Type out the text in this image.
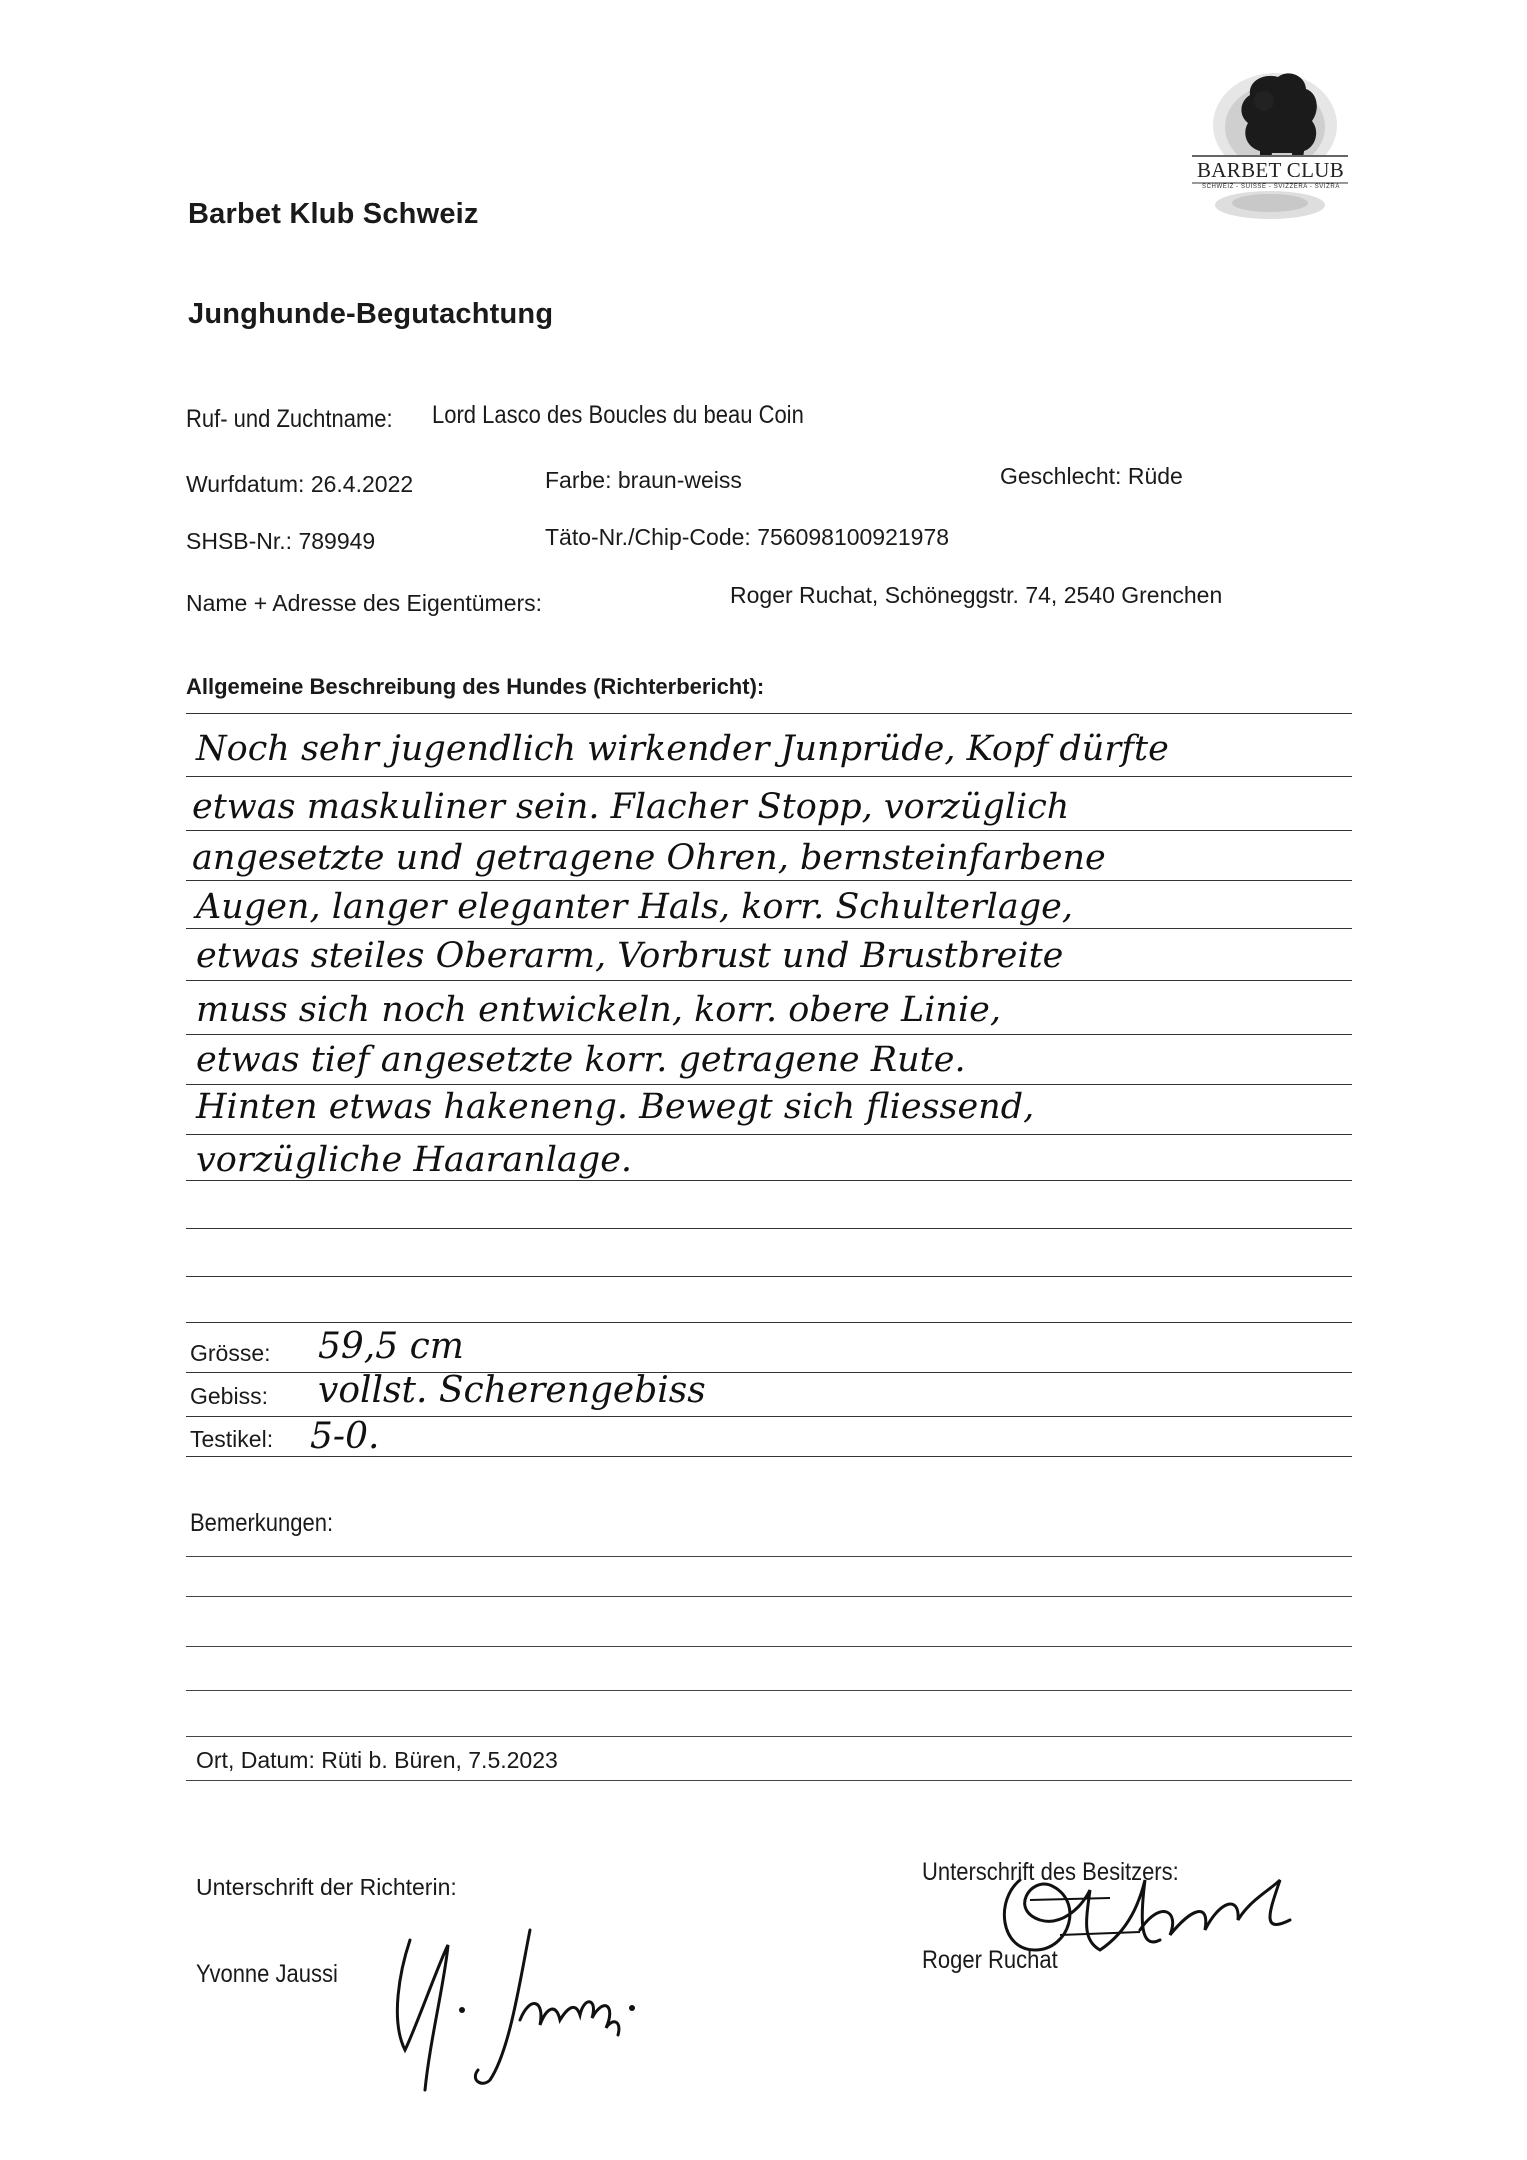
BARBET CLUB
SCHWEIZ - SUISSE - SVIZZERA - SVIZRA
Barbet Klub Schweiz
Junghunde-Begutachtung
Ruf- und Zuchtname: Lord Lasco des Boucles du beau Coin
Wurfdatum: 26.4.2022	Farbe: braun-weiss	Geschlecht: Rüde
SHSB-Nr.: 789949	Täto-Nr./Chip-Code: 756098100921978
Name + Adresse des Eigentümers:	Roger Ruchat, Schöneggstr. 74, 2540 Grenchen
Allgemeine Beschreibung des Hundes (Richterbericht):
Noch sehr jugendlich wirkender Junprüde, Kopf dürfte
etwas maskuliner sein. Flacher Stopp, vorzüglich
angesetzte und getragene Ohren, bernsteinfarbene
Augen, langer eleganter Hals, korr. Schulterlage,
etwas steiles Oberarm, Vorbrust und Brustbreite
muss sich noch entwickeln, korr. obere Linie,
etwas tief angesetzte korr. getragene Rute.
Hinten etwas hakeneng. Bewegt sich fliessend,
vorzügliche Haaranlage.
Grösse: 59,5 cm
Gebiss: vollst. Scherengebiss
Testikel: 5-0.
Bemerkungen:
Ort, Datum: Rüti b. Büren, 7.5.2023
Unterschrift der Richterin:
Yvonne Jaussi
Unterschrift des Besitzers:
Roger Ruchat
